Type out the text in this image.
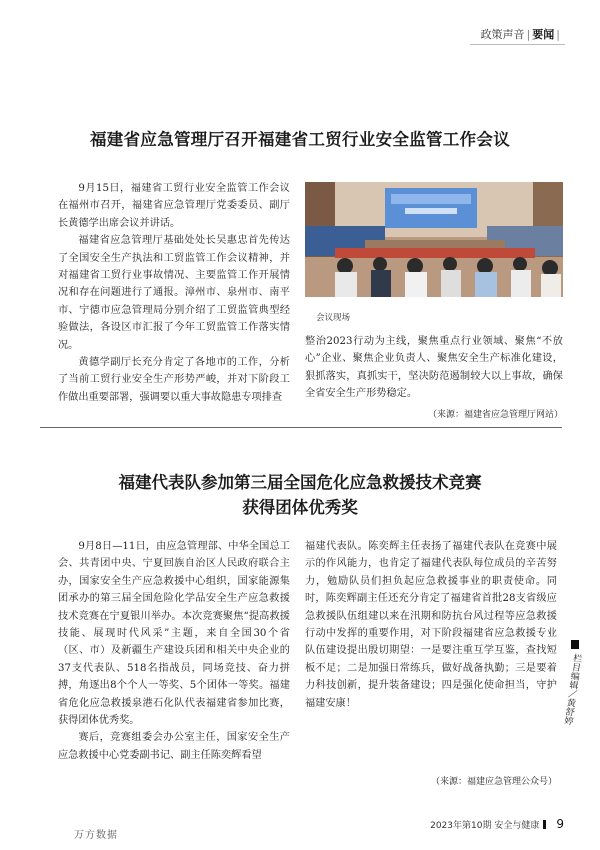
政策声音 | 要闻 |
福建省应急管理厅召开福建省工贸行业安全监管工作会议

9月15日，福建省工贸行业安全监管工作会议在福州市召开，福建省应急管理厅党委委员、副厅长黄德学出席会议并讲话。

福建省应急管理厅基础处处长吴惠忠首先传达了全国安全生产执法和工贸监管工作会议精神，并对福建省工贸行业事故情况、主要监管工作开展情况和存在问题进行了通报。漳州市、泉州市、南平市、宁德市应急管理局分别介绍了工贸监管典型经验做法，各设区市汇报了今年工贸监管工作落实情况。

黄德学副厅长充分肯定了各地市的工作，分析了当前工贸行业安全生产形势严峻，并对下阶段工作做出重要部署，强调要以重大事故隐患专项排查

会议现场

整治2023行动为主线，聚焦重点行业领域、聚焦“不放心”企业、聚焦企业负责人、聚焦安全生产标准化建设，狠抓落实，真抓实干，坚决防范遏制较大以上事故，确保全省安全生产形势稳定。

（来源：福建省应急管理厅网站）
福建代表队参加第三届全国危化应急救援技术竞赛
获得团体优秀奖

9月8日—11日，由应急管理部、中华全国总工会、共青团中央、宁夏回族自治区人民政府联合主办，国家安全生产应急救援中心组织，国家能源集团承办的第三届全国危险化学品安全生产应急救援技术竞赛在宁夏银川举办。本次竞赛聚焦“提高救援技能、展现时代风采”主题，来自全国30个省（区、市）及新疆生产建设兵团和相关中央企业的37支代表队、518名指战员，同场竞技、奋力拼搏，角逐出8个个人一等奖、5个团体一等奖。福建省危化应急救援泉港石化队代表福建省参加比赛，获得团体优秀奖。

赛后，竞赛组委会办公室主任，国家安全生产应急救援中心党委副书记、副主任陈奕辉看望

福建代表队。陈奕辉主任表扬了福建代表队在竞赛中展示的作风能力，也肯定了福建代表队每位成员的辛苦努力，勉励队员们担负起应急救援事业的职责使命。同时，陈奕辉副主任还充分肯定了福建省首批28支省级应急救援队伍组建以来在汛期和防抗台风过程等应急救援行动中发挥的重要作用，对下阶段福建省应急救援专业队伍建设提出殷切期望：一是要注重互学互鉴，查找短板不足；二是加强日常练兵，做好战备执勤；三是要着力科技创新，提升装备建设；四是强化使命担当，守护福建安康！

（来源：福建应急管理公众号）
栏目编辑／黄舒婷
2023年第10期 安全与健康 9
万方数据
